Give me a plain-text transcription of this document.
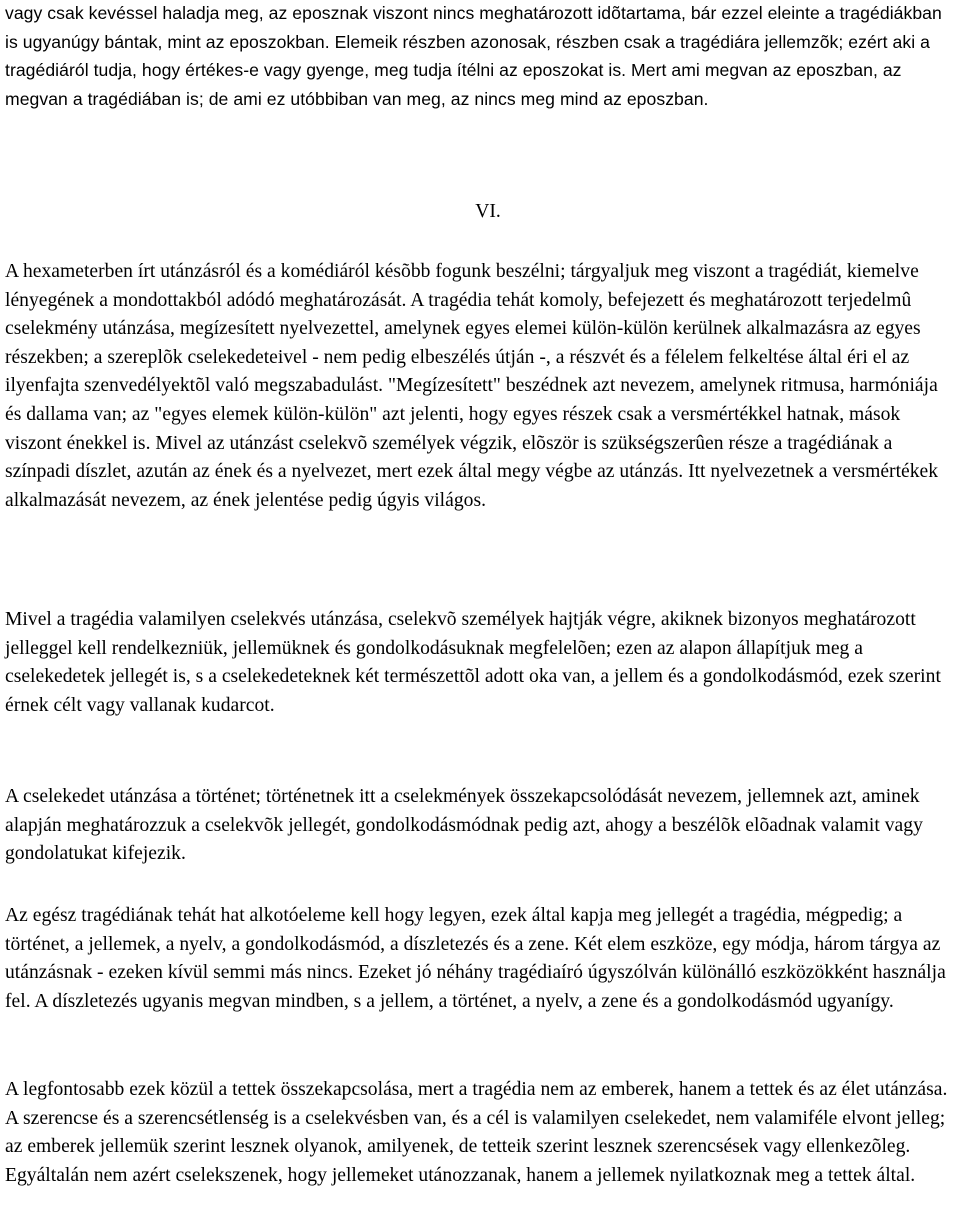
vagy csak kevéssel haladja meg, az eposznak viszont nincs meghatározott idõtartama, bár ezzel eleinte a tragédiákban is ugyanúgy bántak, mint az eposzokban. Elemeik részben azonosak, részben csak a tragédiára jellemzõk; ezért aki a tragédiáról tudja, hogy értékes-e vagy gyenge, meg tudja ítélni az eposzokat is. Mert ami megvan az eposzban, az megvan a tragédiában is; de ami ez utóbbiban van meg, az nincs meg mind az eposzban.

VI.

A hexameterben írt utánzásról és a komédiáról késõbb fogunk beszélni; tárgyaljuk meg viszont a tragédiát, kiemelve lényegének a mondottakból adódó meghatározását. A tragédia tehát komoly, befejezett és meghatározott terjedelmû cselekmény utánzása, megízesített nyelvezettel, amelynek egyes elemei külön-külön kerülnek alkalmazásra az egyes részekben; a szereplõk cselekedeteivel - nem pedig elbeszélés útján -, a részvét és a félelem felkeltése által éri el az ilyenfajta szenvedélyektõl való megszabadulást. "Megízesített" beszédnek azt nevezem, amelynek ritmusa, harmóniája és dallama van; az "egyes elemek külön-külön" azt jelenti, hogy egyes részek csak a versmértékkel hatnak, mások viszont énekkel is. Mivel az utánzást cselekvõ személyek végzik, elõször is szükségszerûen része a tragédiának a színpadi díszlet, azután az ének és a nyelvezet, mert ezek által megy végbe az utánzás. Itt nyelvezetnek a versmértékek alkalmazását nevezem, az ének jelentése pedig úgyis világos.

Mivel a tragédia valamilyen cselekvés utánzása, cselekvõ személyek hajtják végre, akiknek bizonyos meghatározott jelleggel kell rendelkezniük, jellemüknek és gondolkodásuknak megfelelõen; ezen az alapon állapítjuk meg a cselekedetek jellegét is, s a cselekedeteknek két természettõl adott oka van, a jellem és a gondolkodásmód, ezek szerint érnek célt vagy vallanak kudarcot.

A cselekedet utánzása a történet; történetnek itt a cselekmények összekapcsolódását nevezem, jellemnek azt, aminek alapján meghatározzuk a cselekvõk jellegét, gondolkodásmódnak pedig azt, ahogy a beszélõk elõadnak valamit vagy gondolatukat kifejezik.

Az egész tragédiának tehát hat alkotóeleme kell hogy legyen, ezek által kapja meg jellegét a tragédia, mégpedig; a történet, a jellemek, a nyelv, a gondolkodásmód, a díszletezés és a zene. Két elem eszköze, egy módja, három tárgya az utánzásnak - ezeken kívül semmi más nincs. Ezeket jó néhány tragédiaíró úgyszólván különálló eszközökként használja fel. A díszletezés ugyanis megvan mindben, s a jellem, a történet, a nyelv, a zene és a gondolkodásmód ugyanígy.

A legfontosabb ezek közül a tettek összekapcsolása, mert a tragédia nem az emberek, hanem a tettek és az élet utánzása. A szerencse és a szerencsétlenség is a cselekvésben van, és a cél is valamilyen cselekedet, nem valamiféle elvont jelleg; az emberek jellemük szerint lesznek olyanok, amilyenek, de tetteik szerint lesznek szerencsések vagy ellenkezõleg. Egyáltalán nem azért cselekszenek, hogy jellemeket utánozzanak, hanem a jellemek nyilatkoznak meg a tettek által.
